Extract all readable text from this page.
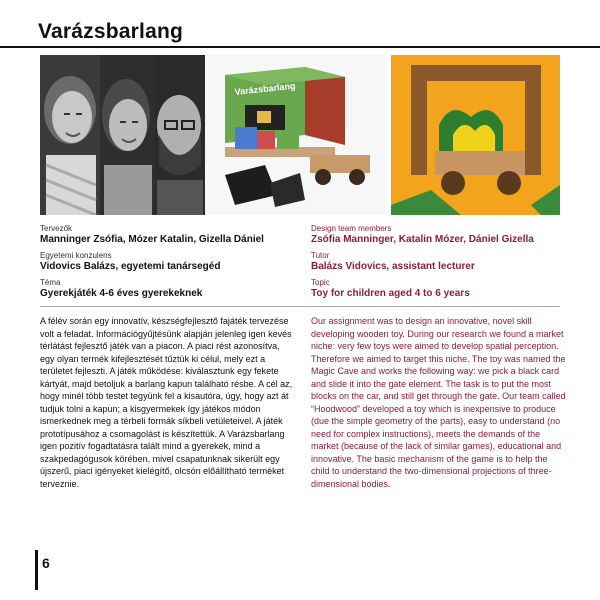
Varázsbarlang
Varázsbarlang
Tervezők
Manninger Zsófia, Mózer Katalin, Gizella Dániel
Egyetemi konzulens
Vidovics Balázs, egyetemi tanársegéd
Téma
Gyerekjáték 4-6 éves gyerekeknek
Design team members
Zsófia Manninger, Katalin Mózer, Dániel Gizella
Tutor
Balázs Vidovics, assistant lecturer
Topic
Toy for children aged 4 to 6 years
A félév során egy innovatív, készségfejlesztő fajáték tervezése volt a feladat. Információgyűjtésünk alapján jelenleg igen kevés térlátást fejlesztő játék van a piacon. A piaci rést azonosítva, egy olyan termék kifejlesztését tűztük ki célul, mely ezt a területet fejleszti. A játék működése: kiválasztunk egy fekete kártyát, majd betoljuk a barlang kapun található résbe. A cél az, hogy minél több testet tegyünk fel a kisautóra, úgy, hogy azt át tudjuk tolni a kapun; a kisgyermekek így játékos módon ismerkednek meg a térbeli formák síkbeli vetületeivel. A játék prototípusához a csomagolást is készítettük. A Varázsbarlang igen pozitív fogadtatásra talált mind a gyerekek, mind a szakpedagógusok körében, mivel csapatunknak sikerült egy újszerű, piaci igényeket kielégítő, olcsón előállítható terméket terveznie.
Our assignment was to design an innovative, novel skill developing wooden toy. During our research we found a market niche: very few toys were aimed to develop spatial perception. Therefore we aimed to target this niche. The toy was named the Magic Cave and works the following way: we pick a black card and slide it into the gate element. The task is to put the most blocks on the car, and still get through the gate. Our team called “Hoodwood” developed a toy which is inexpensive to produce (due the simple geometry of the parts), easy to understand (no need for complex instructions), meets the demands of the market (because of the lack of similar games), educational and innovative. The basic mechanism of the game is to help the child to understand the two-dimensional projections of three-dimensional bodies.
6
